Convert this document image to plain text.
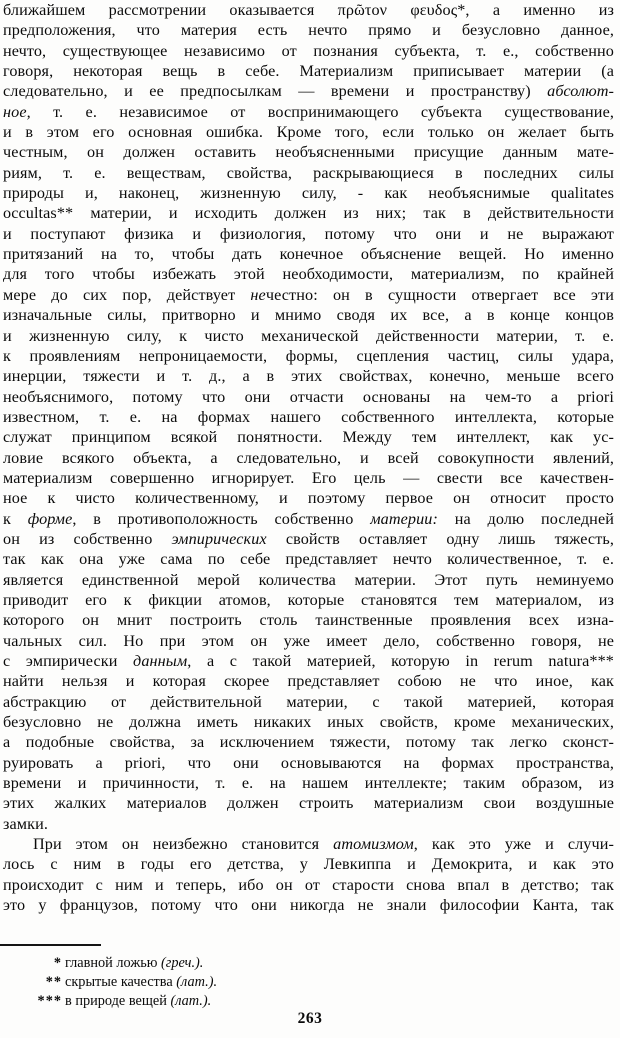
ближайшем рассмотрении оказывается πρῶτον φευδος*, а именно из
предположения, что материя есть нечто прямо и безусловно данное,
нечто, существующее независимо от познания субъекта, т. е., собственно
говоря, некоторая вещь в себе. Материализм приписывает материи (а
следовательно, и ее предпосылкам — времени и пространству) абсолют-
ное, т. е. независимое от воспринимающего субъекта существование,
и в этом его основная ошибка. Кроме того, если только он желает быть
честным, он должен оставить необъясненными присущие данным мате-
риям, т. е. веществам, свойства, раскрывающиеся в последних силы
природы и, наконец, жизненную силу, - как необъяснимые qualitates
occultas** материи, и исходить должен из них; так в действительности
и поступают физика и физиология, потому что они и не выражают
притязаний на то, чтобы дать конечное объяснение вещей. Но именно
для того чтобы избежать этой необходимости, материализм, по крайней
мере до сих пор, действует нечестно: он в сущности отвергает все эти
изначальные силы, притворно и мнимо сводя их все, а в конце концов
и жизненную силу, к чисто механической действенности материи, т. е.
к проявлениям непроницаемости, формы, сцепления частиц, силы удара,
инерции, тяжести и т. д., а в этих свойствах, конечно, меньше всего
необъяснимого, потому что они отчасти основаны на чем-то a priori
известном, т. е. на формах нашего собственного интеллекта, которые
служат принципом всякой понятности. Между тем интеллект, как ус-
ловие всякого объекта, а следовательно, и всей совокупности явлений,
материализм совершенно игнорирует. Его цель — свести все качествен-
ное к чисто количественному, и поэтому первое он относит просто
к форме, в противоположность собственно материи: на долю последней
он из собственно эмпирических свойств оставляет одну лишь тяжесть,
так как она уже сама по себе представляет нечто количественное, т. е.
является единственной мерой количества материи. Этот путь неминуемо
приводит его к фикции атомов, которые становятся тем материалом, из
которого он мнит построить столь таинственные проявления всех изна-
чальных сил. Но при этом он уже имеет дело, собственно говоря, не
с эмпирически данным, а с такой материей, которую in rerum natura***
найти нельзя и которая скорее представляет собою не что иное, как
абстракцию от действительной материи, с такой материей, которая
безусловно не должна иметь никаких иных свойств, кроме механических,
а подобные свойства, за исключением тяжести, потому так легко сконст-
руировать a priori, что они основываются на формах пространства,
времени и причинности, т. е. на нашем интеллекте; таким образом, из
этих жалких материалов должен строить материализм свои воздушные
замки.
При этом он неизбежно становится атомизмом, как это уже и случи-
лось с ним в годы его детства, у Левкиппа и Демокрита, и как это
происходит с ним и теперь, ибо он от старости снова впал в детство; так
это у французов, потому что они никогда не знали философии Канта, так
* главной ложью (греч.).
** скрытые качества (лат.).
*** в природе вещей (лат.).
263
